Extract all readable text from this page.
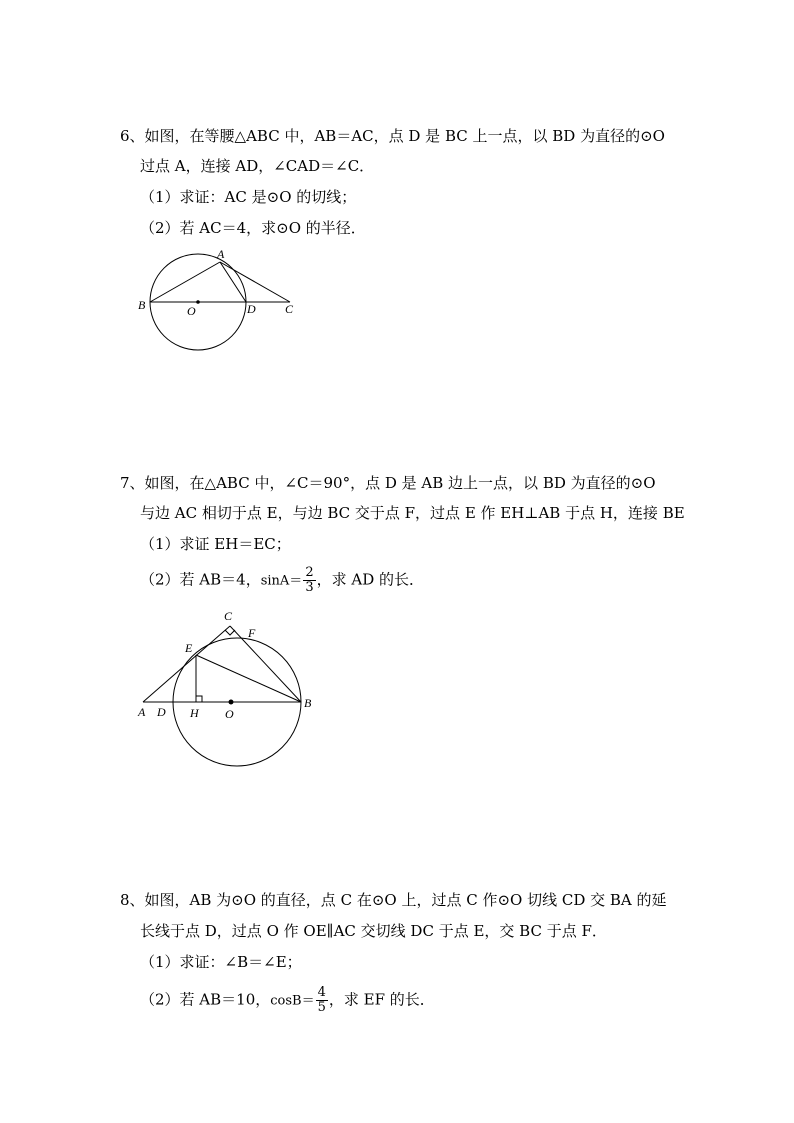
6、如图，在等腰△ABC 中，AB＝AC，点 D 是 BC 上一点，以 BD 为直径的⊙O
过点 A，连接 AD，∠CAD＝∠C．
（1）求证：AC 是⊙O 的切线；
（2）若 AC＝4，求⊙O 的半径．
A
B	O	D C
7、如图，在△ABC 中，∠C＝90°，点 D 是 AB 边上一点，以 BD 为直径的⊙O
与边 AC 相切于点 E，与边 BC 交于点 F，过点 E 作 EH⊥AB 于点 H，连接 BE
（1）求证 EH＝EC；
（2）若 AB＝4，$\sin A= \frac{2}{3}$ ，求 AD 的长．
C
F
E
A D H O
B
8、如图，AB 为⊙O 的直径，点 C 在⊙O 上，过点 C 作⊙O 切线 CD 交 BA 的延
长线于点 D，过点 O 作 OE∥AC 交切线 DC 于点 E，交 BC 于点 F．
（1）求证：∠B＝∠E；
（2）若 AB＝10，$\cos B= \frac{4}{5}$ ，求 EF 的长．
